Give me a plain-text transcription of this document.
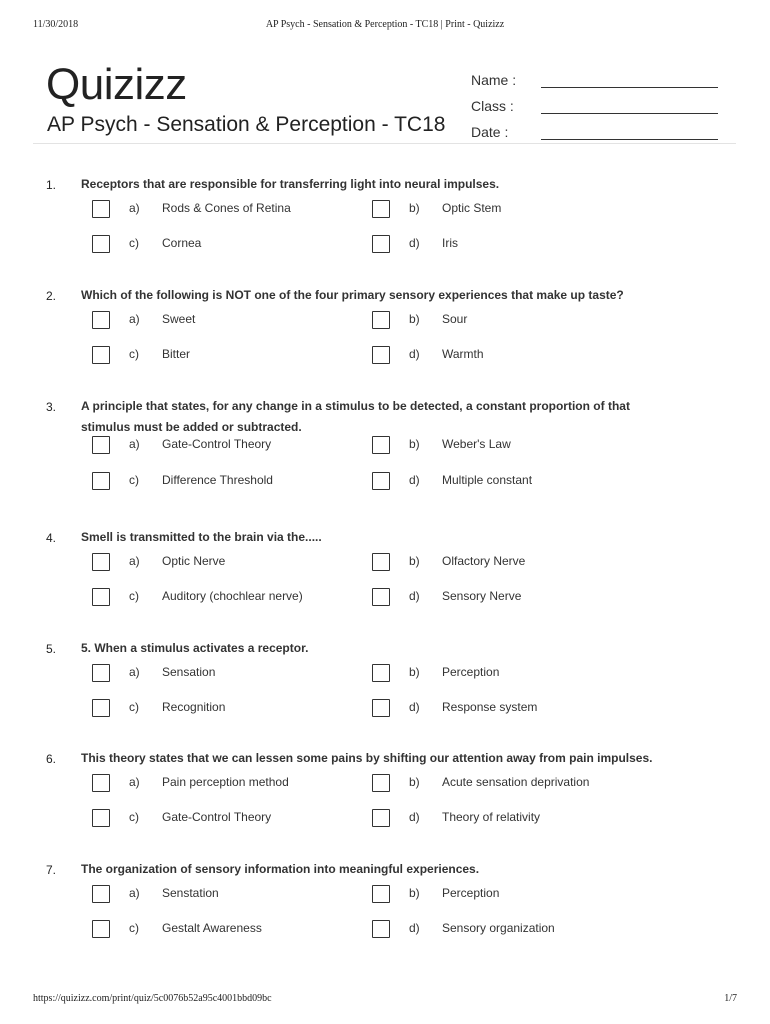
11/30/2018	AP Psych - Sensation & Perception - TC18 | Print - Quizizz
Quizizz
AP Psych - Sensation & Perception - TC18
Name :
Class :
Date :
1. Receptors that are responsible for transferring light into neural impulses.
a) Rods & Cones of Retina	b) Optic Stem
c) Cornea	d) Iris
2. Which of the following is NOT one of the four primary sensory experiences that make up taste?
a) Sweet	b) Sour
c) Bitter	d) Warmth
3. A principle that states, for any change in a stimulus to be detected, a constant proportion of that stimulus must be added or subtracted.
a) Gate-Control Theory	b) Weber's Law
c) Difference Threshold	d) Multiple constant
4. Smell is transmitted to the brain via the.....
a) Optic Nerve	b) Olfactory Nerve
c) Auditory (chochlear nerve)	d) Sensory Nerve
5. 5. When a stimulus activates a receptor.
a) Sensation	b) Perception
c) Recognition	d) Response system
6. This theory states that we can lessen some pains by shifting our attention away from pain impulses.
a) Pain perception method	b) Acute sensation deprivation
c) Gate-Control Theory	d) Theory of relativity
7. The organization of sensory information into meaningful experiences.
a) Senstation	b) Perception
c) Gestalt Awareness	d) Sensory organization
https://quizizz.com/print/quiz/5c0076b52a95c4001bbd09bc	1/7
